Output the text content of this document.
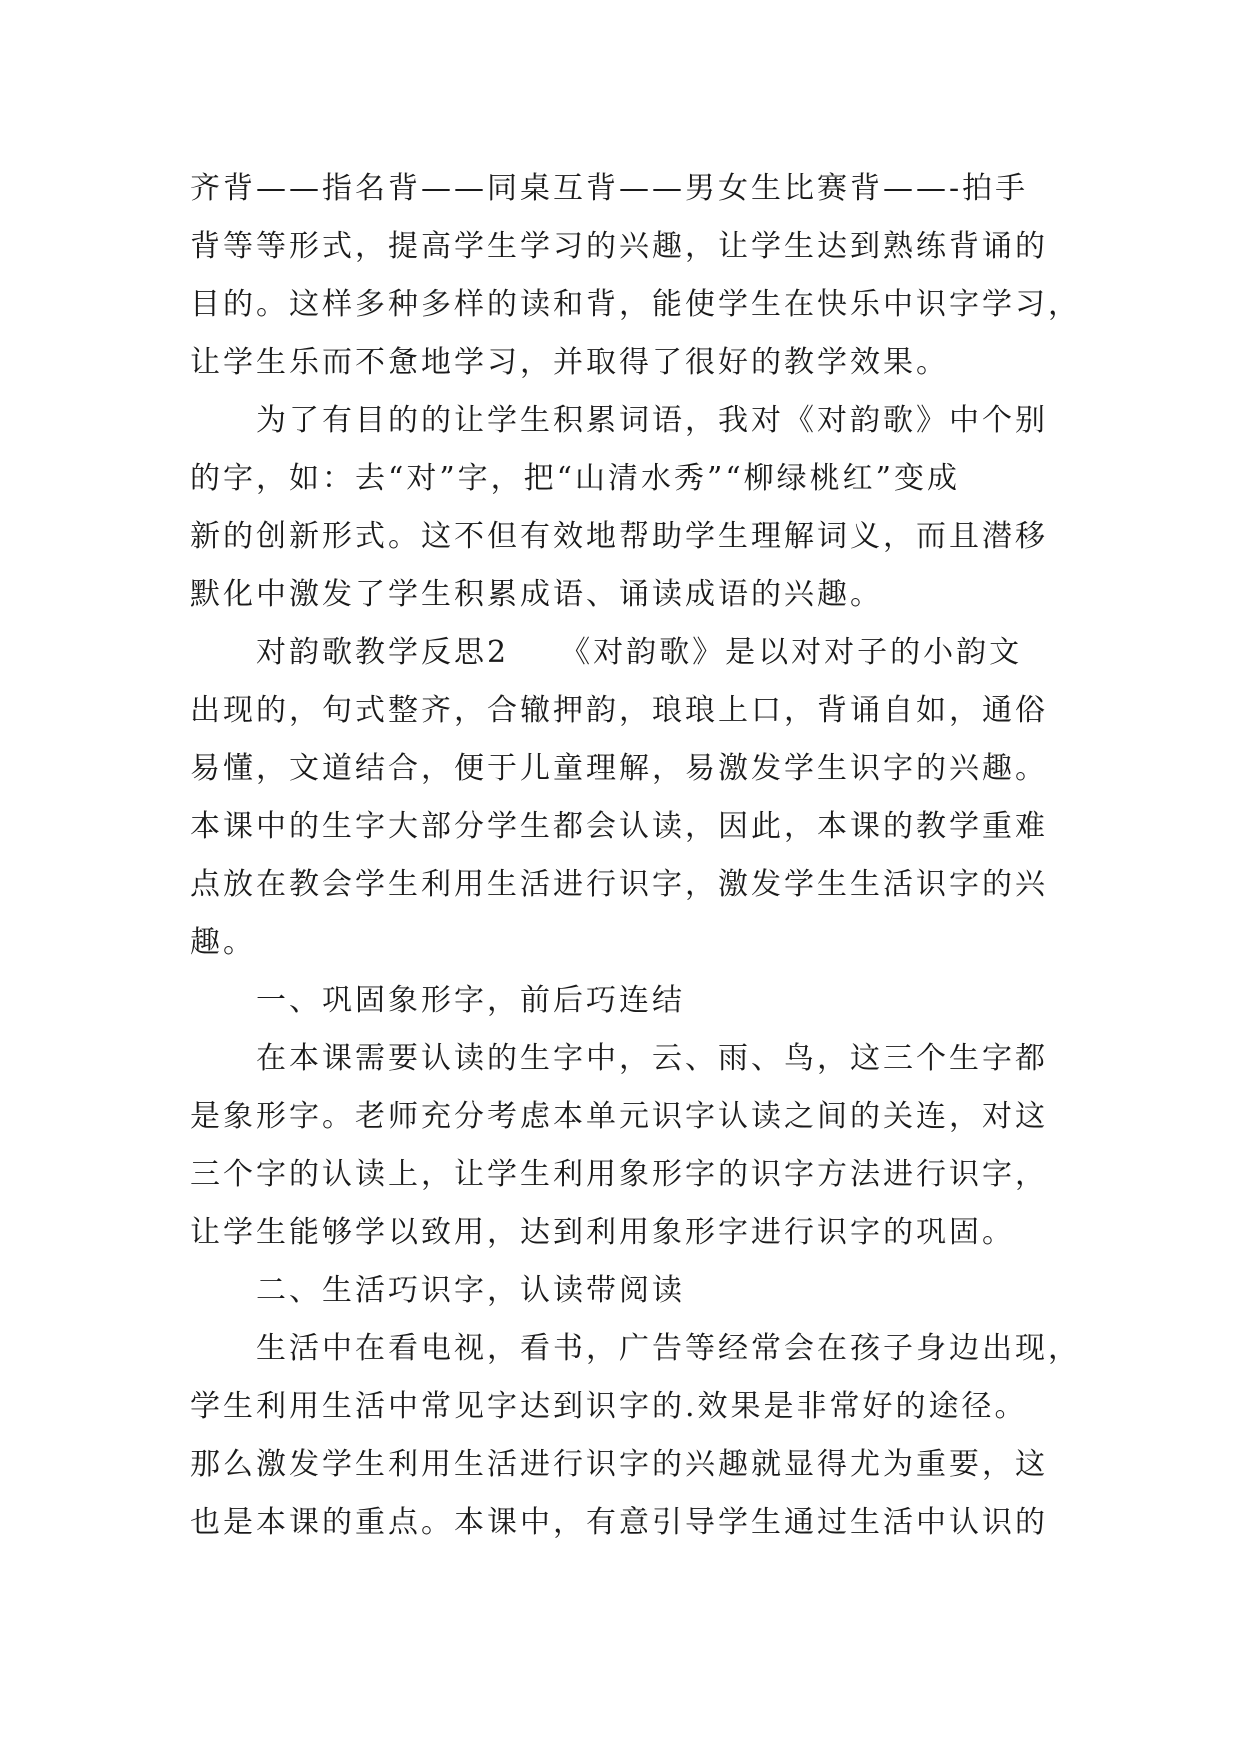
齐背——指名背——同桌互背——男女生比赛背——-拍手
背等等形式，提高学生学习的兴趣，让学生达到熟练背诵的
目的。这样多种多样的读和背，能使学生在快乐中识字学习，
让学生乐而不惫地学习，并取得了很好的教学效果。
为了有目的的让学生积累词语，我对《对韵歌》中个别
的字，如：去“对”字，把“山清水秀”“柳绿桃红”变成
新的创新形式。这不但有效地帮助学生理解词义，而且潜移
默化中激发了学生积累成语、诵读成语的兴趣。
对韵歌教学反思2　　《对韵歌》是以对对子的小韵文
出现的，句式整齐，合辙押韵，琅琅上口，背诵自如，通俗
易懂，文道结合，便于儿童理解，易激发学生识字的兴趣。
本课中的生字大部分学生都会认读，因此，本课的教学重难
点放在教会学生利用生活进行识字，激发学生生活识字的兴
趣。
一、巩固象形字，前后巧连结
在本课需要认读的生字中，云、雨、鸟，这三个生字都
是象形字。老师充分考虑本单元识字认读之间的关连，对这
三个字的认读上，让学生利用象形字的识字方法进行识字，
让学生能够学以致用，达到利用象形字进行识字的巩固。
二、生活巧识字，认读带阅读
生活中在看电视，看书，广告等经常会在孩子身边出现，
学生利用生活中常见字达到识字的.效果是非常好的途径。
那么激发学生利用生活进行识字的兴趣就显得尤为重要，这
也是本课的重点。本课中，有意引导学生通过生活中认识的
